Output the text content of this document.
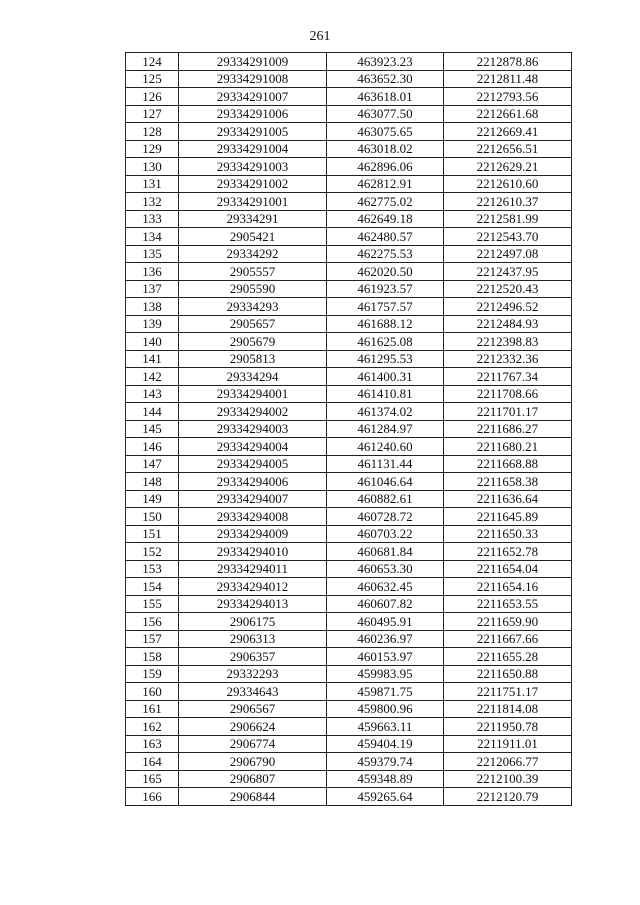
261
124	29334291009	463923.23	2212878.86
125	29334291008	463652.30	2212811.48
126	29334291007	463618.01	2212793.56
127	29334291006	463077.50	2212661.68
128	29334291005	463075.65	2212669.41
129	29334291004	463018.02	2212656.51
130	29334291003	462896.06	2212629.21
131	29334291002	462812.91	2212610.60
132	29334291001	462775.02	2212610.37
133	29334291	462649.18	2212581.99
134	2905421	462480.57	2212543.70
135	29334292	462275.53	2212497.08
136	2905557	462020.50	2212437.95
137	2905590	461923.57	2212520.43
138	29334293	461757.57	2212496.52
139	2905657	461688.12	2212484.93
140	2905679	461625.08	2212398.83
141	2905813	461295.53	2212332.36
142	29334294	461400.31	2211767.34
143	29334294001	461410.81	2211708.66
144	29334294002	461374.02	2211701.17
145	29334294003	461284.97	2211686.27
146	29334294004	461240.60	2211680.21
147	29334294005	461131.44	2211668.88
148	29334294006	461046.64	2211658.38
149	29334294007	460882.61	2211636.64
150	29334294008	460728.72	2211645.89
151	29334294009	460703.22	2211650.33
152	29334294010	460681.84	2211652.78
153	29334294011	460653.30	2211654.04
154	29334294012	460632.45	2211654.16
155	29334294013	460607.82	2211653.55
156	2906175	460495.91	2211659.90
157	2906313	460236.97	2211667.66
158	2906357	460153.97	2211655.28
159	29332293	459983.95	2211650.88
160	29334643	459871.75	2211751.17
161	2906567	459800.96	2211814.08
162	2906624	459663.11	2211950.78
163	2906774	459404.19	2211911.01
164	2906790	459379.74	2212066.77
165	2906807	459348.89	2212100.39
166	2906844	459265.64	2212120.79
